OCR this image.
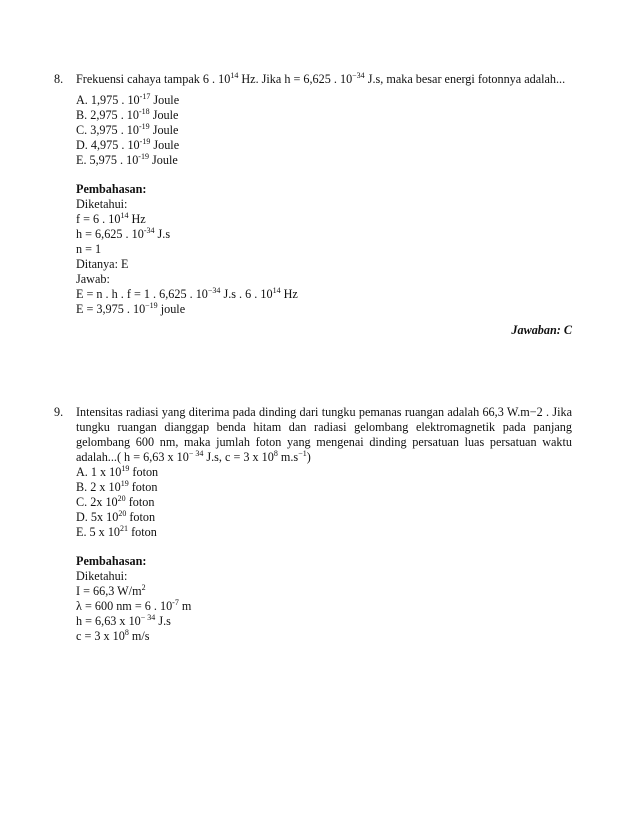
8.	Frekuensi cahaya tampak 6 . $10^{14}$ Hz. Jika h = 6,625 . $10^{-34}$ J.s, maka besar energi fotonnya adalah...
A. 1,975 . $10^{-17}$ Joule
B. 2,975 . $10^{-18}$ Joule
C. 3,975 . $10^{-19}$ Joule
D. 4,975 . $10^{-19}$ Joule
E. 5,975 . $10^{-19}$ Joule
Pembahasan:
Diketahui:
f = 6 . $10^{14}$ Hz
h = 6,625 . $10^{-34}$ J.s
n = 1
Ditanya: E
Jawab:
E = n . h . f = 1 . 6,625 . $10^{-34}$ J.s . 6 . $10^{14}$ Hz
E = 3,975 . $10^{-19}$ joule
Jawaban: C
9.	Intensitas radiasi yang diterima pada dinding dari tungku pemanas ruangan adalah 66,3 W.m−2 . Jika tungku ruangan dianggap benda hitam dan radiasi gelombang elektromagnetik pada panjang gelombang 600 nm, maka jumlah foton yang mengenai dinding persatuan luas persatuan waktu adalah...( h = 6,63 x $10^{- 34}$ J.s, c = 3 x $10^8$ $m.s^{-1}$)
A. 1 x $10^{19}$ foton
B. 2 x $10^{19}$ foton
C. 2x $10^{20}$ foton
D. 5x $10^{20}$ foton
E. 5 x $10^{21}$ foton
Pembahasan:
Diketahui:
I = 66,3 $W/m^2$
λ = 600 nm = 6 . $10^{-7}$ m
h = 6,63 x $10^{- 34}$ J.s
c = 3 x $10^8$ m/s
